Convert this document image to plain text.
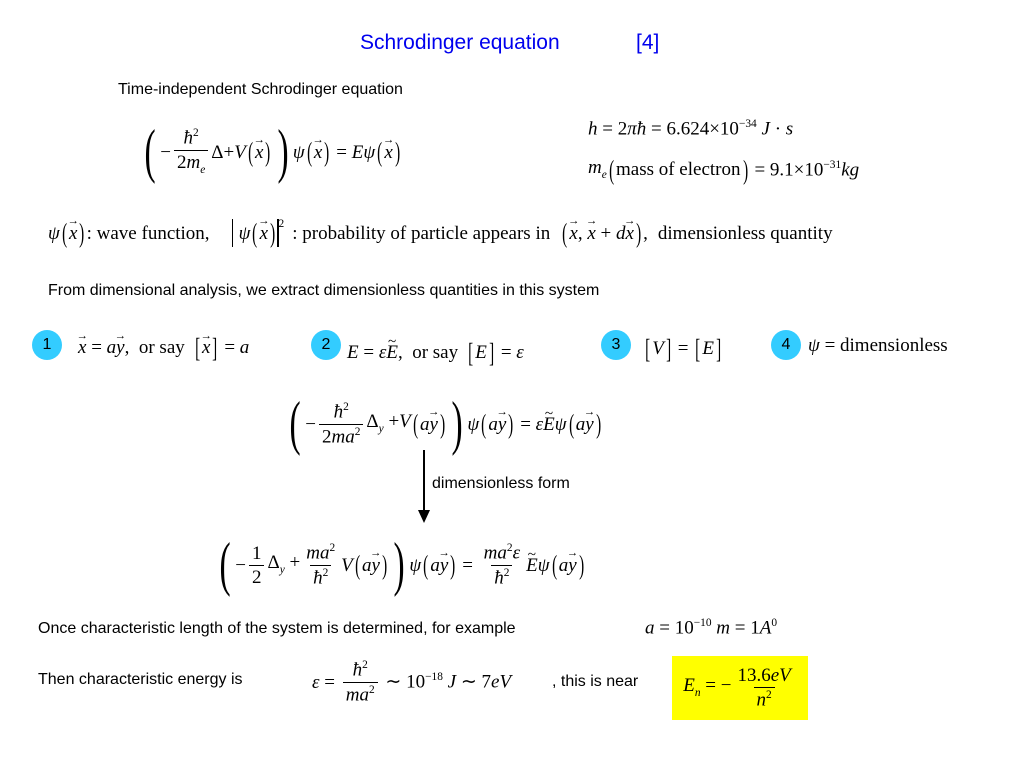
Schrodinger equation	[4]
Time-independent Schrodinger equation
( − $\frac{ħ^2}{2m_e} \Delta+V$ ( → x ) ) ψ ( → x ) = Eψ ( → x )
h = 2πħ = $6.624\times 10^{-34}$ J · s
$m_e$ ( mass of electron ) = $9.1\times 10^{-31}kg$
ψ ( → x ) : wave function, ψ ( → x ) $^2$ : probability of particle appears in ( → x , → x + d → x ) , dimensionless quantity
From dimensional analysis, we extract dimensionless quantities in this system
1	→ x = a → y , or say [ → x ] = a	2 E = ε ~ E , or say [ E ] = ε	3 [ V ] = [ E ]	4 ψ = dimensionless
( − $\frac{ħ^2}{2ma^2} \Delta_y +V$ ( a → y ) ) ψ ( a → y ) = ε ~ E ψ ( a → y )
dimensionless form
( − $\frac{1}{2} \Delta_y + \frac{ma^2}{ħ^2}$ V ( a → y ) ) ψ ( a → y ) = $\frac{ma^2\varepsilon}{ħ^2}$ ~ E ψ ( a → y )
Once characteristic length of the system is determined, for example	$a = 10^{-10}$ $m = 1A^0$
Then characteristic energy is	$\varepsilon = \frac{ħ^2}{ma^2}$ ∼ $10^{-18}$ J ∼ 7eV	, this is near $E_n$ = − $\frac{13.6eV}{n^2}$
